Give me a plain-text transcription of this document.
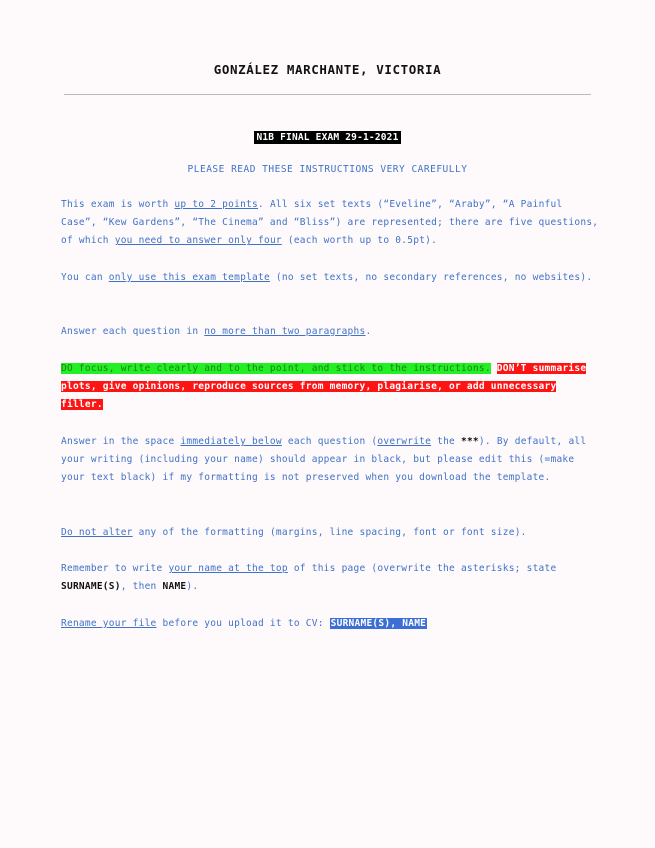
GONZÁLEZ MARCHANTE, VICTORIA
N1B FINAL EXAM 29-1-2021
PLEASE READ THESE INSTRUCTIONS VERY CAREFULLY

This exam is worth up to 2 points. All six set texts (“Eveline”, “Araby”, “A Painful Case”, “Kew Gardens”, “The Cinema” and “Bliss”) are represented; there are five questions, of which you need to answer only four (each worth up to 0.5pt).

You can only use this exam template (no set texts, no secondary references, no websites).

Answer each question in no more than two paragraphs.

DO focus, write clearly and to the point, and stick to the instructions. DON’T summarise plots, give opinions, reproduce sources from memory, plagiarise, or add unnecessary filler.

Answer in the space immediately below each question (overwrite the ***). By default, all your writing (including your name) should appear in black, but please edit this (=make your text black) if my formatting is not preserved when you download the template.

Do not alter any of the formatting (margins, line spacing, font or font size).

Remember to write your name at the top of this page (overwrite the asterisks; state SURNAME(S), then NAME).

Rename your file before you upload it to CV: SURNAME(S), NAME
